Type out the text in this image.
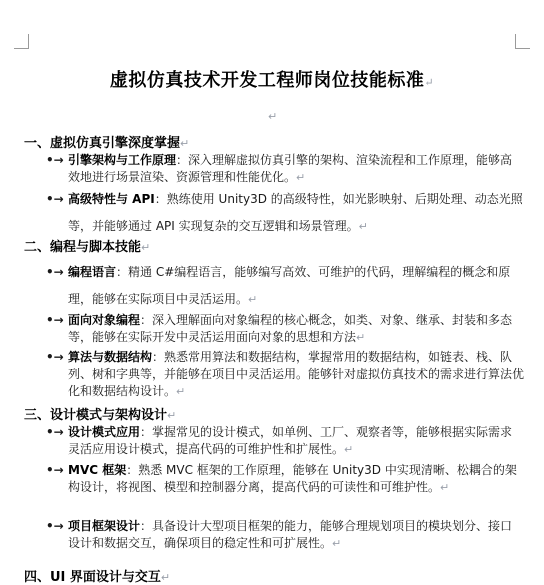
虚拟仿真技术开发工程师岗位技能标准↵
↵
一、虚拟仿真引擎深度掌握↵
•→ 引擎架构与工作原理：深入理解虚拟仿真引擎的架构、渲染流程和工作原理，能够高效地进行场景渲染、资源管理和性能优化。↵
•→ 高级特性与 API：熟练使用 Unity3D 的高级特性，如光影映射、后期处理、动态光照等，并能够通过 API 实现复杂的交互逻辑和场景管理。↵
二、编程与脚本技能↵
•→ 编程语言：精通 C#编程语言，能够编写高效、可维护的代码，理解编程的概念和原理，能够在实际项目中灵活运用。↵
•→ 面向对象编程：深入理解面向对象编程的核心概念，如类、对象、继承、封装和多态等，能够在实际开发中灵活运用面向对象的思想和方法↵
•→ 算法与数据结构：熟悉常用算法和数据结构，掌握常用的数据结构，如链表、栈、队列、树和字典等，并能够在项目中灵活运用。能够针对虚拟仿真技术的需求进行算法优化和数据结构设计。↵
三、设计模式与架构设计↵
•→ 设计模式应用：掌握常见的设计模式，如单例、工厂、观察者等，能够根据实际需求灵活应用设计模式，提高代码的可维护性和扩展性。↵
•→ MVC 框架：熟悉 MVC 框架的工作原理，能够在 Unity3D 中实现清晰、松耦合的架构设计，将视图、模型和控制器分离，提高代码的可读性和可维护性。↵
•→ 项目框架设计：具备设计大型项目框架的能力，能够合理规划项目的模块划分、接口设计和数据交互，确保项目的稳定性和可扩展性。↵
四、UI 界面设计与交互↵
